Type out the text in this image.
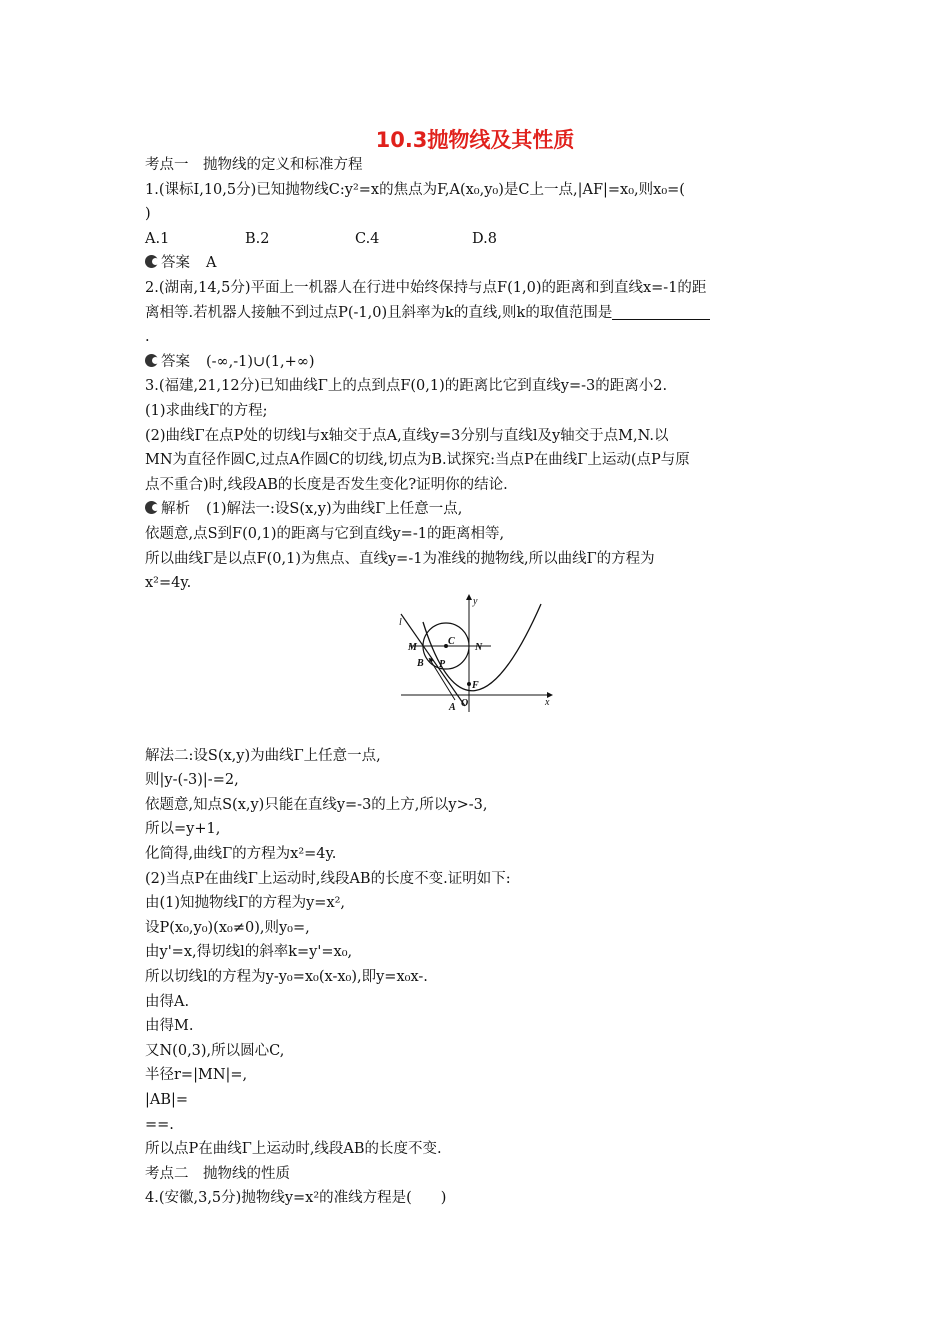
10.3抛物线及其性质
考点一　抛物线的定义和标准方程
1.(课标Ⅰ,10,5分)已知抛物线C:y²=x的焦点为F,A(x₀,y₀)是C上一点,|AF|=x₀,则x₀=(
)
A.1	B.2	C.4	D.8
答案 A
2.(湖南,14,5分)平面上一机器人在行进中始终保持与点F(1,0)的距离和到直线x=-1的距
离相等.若机器人接触不到过点P(-1,0)且斜率为k的直线,则k的取值范围是
.
答案 (-∞,-1)∪(1,+∞)
3.(福建,21,12分)已知曲线Γ上的点到点F(0,1)的距离比它到直线y=-3的距离小2.
(1)求曲线Γ的方程;
(2)曲线Γ在点P处的切线l与x轴交于点A,直线y=3分别与直线l及y轴交于点M,N.以
MN为直径作圆C,过点A作圆C的切线,切点为B.试探究:当点P在曲线Γ上运动(点P与原
点不重合)时,线段AB的长度是否发生变化?证明你的结论.
解析 (1)解法一:设S(x,y)为曲线Γ上任意一点,
依题意,点S到F(0,1)的距离与它到直线y=-1的距离相等,
所以曲线Γ是以点F(0,1)为焦点、直线y=-1为准线的抛物线,所以曲线Γ的方程为
x²=4y.
解法二:设S(x,y)为曲线Γ上任意一点,
则|y-(-3)|-=2,
依题意,知点S(x,y)只能在直线y=-3的上方,所以y>-3,
所以=y+1,
化简得,曲线Γ的方程为x²=4y.
(2)当点P在曲线Γ上运动时,线段AB的长度不变.证明如下:
由(1)知抛物线Γ的方程为y=x²,
设P(x₀,y₀)(x₀≠0),则y₀=,
由y'=x,得切线l的斜率k=y'=x₀,
所以切线l的方程为y-y₀=x₀(x-x₀),即y=x₀x-.
由得A.
由得M.
又N(0,3),所以圆心C,
半径r=|MN|=,
|AB|=
==.
所以点P在曲线Γ上运动时,线段AB的长度不变.
考点二　抛物线的性质
4.(安徽,3,5分)抛物线y=x²的准线方程是(　　)
l
y
M
C
N
B P
F
A O	x
